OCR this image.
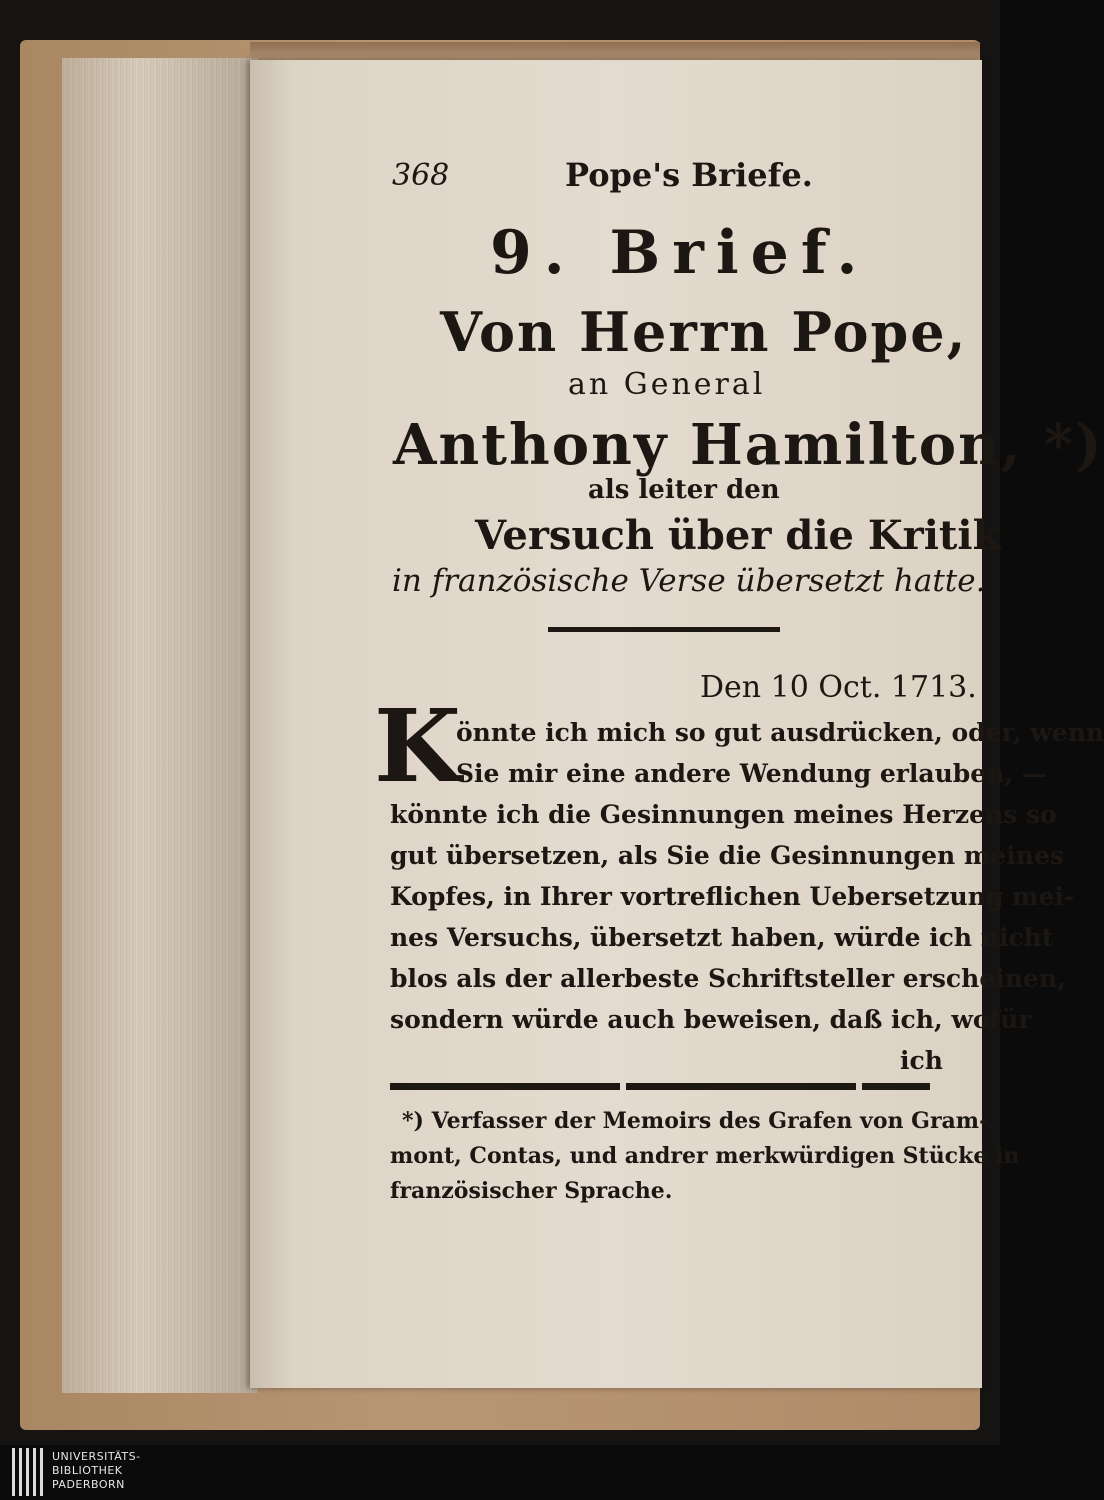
368	Pope's Briefe.
9. Brief.
Von Herrn Pope,
an General
Anthony Hamilton, *)
als leiter den
Versuch über die Kritik
in französische Verse übersetzt hatte.
Den 10 Oct. 1713.
K
önnte ich mich so gut ausdrücken, oder, wenn
Sie mir eine andere Wendung erlauben, —
könnte ich die Gesinnungen meines Herzens so
gut übersetzen, als Sie die Gesinnungen meines
Kopfes, in Ihrer vortreflichen Uebersetzung mei-
nes Versuchs, übersetzt haben, würde ich nicht
blos als der allerbeste Schriftsteller erscheinen,
sondern würde auch beweisen, daß ich, wofür
ich
*) Verfasser der Memoirs des Grafen von Gram-
mont, Contas, und andrer merkwürdigen Stücke in
französischer Sprache.
UNIVERSITÄTS-
BIBLIOTHEK
PADERBORN
